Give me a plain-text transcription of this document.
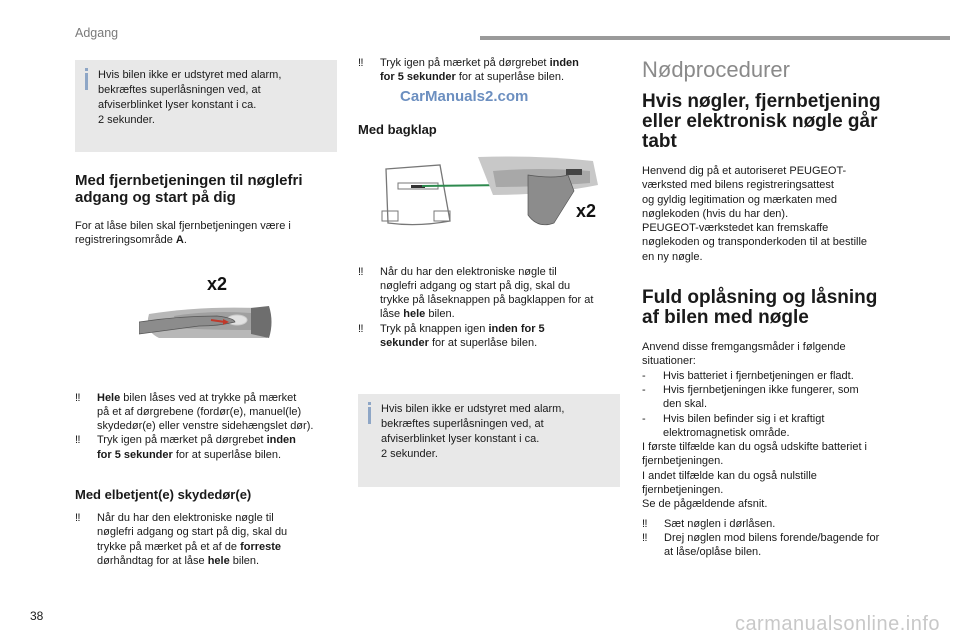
Adgang
Hvis bilen ikke er udstyret med alarm,
bekræftes superlåsningen ved, at
afviserblinket lyser konstant i ca.
2 sekunder.
Med fjernbetjeningen til nøglefri
adgang og start på dig
For at låse bilen skal fjernbetjeningen være i
registreringsområde A.
x2
‼ Hele bilen låses ved at trykke på mærket
på et af dørgrebene (fordør(e), manuel(le)
skydedør(e) eller venstre sidehængslet dør).
‼ Tryk igen på mærket på dørgrebet inden
for 5 sekunder for at superlåse bilen.
Med elbetjent(e) skydedør(e)
‼ Når du har den elektroniske nøgle til
nøglefri adgang og start på dig, skal du
trykke på mærket på et af de forreste
dørhåndtag for at låse hele bilen.
CarManuals2.com
‼ Tryk igen på mærket på dørgrebet inden
for 5 sekunder for at superlåse bilen.
Med bagklap
x2
‼ Når du har den elektroniske nøgle til
nøglefri adgang og start på dig, skal du
trykke på låseknappen på bagklappen for at
låse hele bilen.
‼ Tryk på knappen igen inden for 5
sekunder for at superlåse bilen.
Hvis bilen ikke er udstyret med alarm,
bekræftes superlåsningen ved, at
afviserblinket lyser konstant i ca.
2 sekunder.
Nødprocedurer
Hvis nøgler, fjernbetjening
eller elektronisk nøgle går
tabt
Henvend dig på et autoriseret PEUGEOT-
værksted med bilens registreringsattest
og gyldig legitimation og mærkaten med
nøglekoden (hvis du har den).
PEUGEOT-værkstedet kan fremskaffe
nøglekoden og transponderkoden til at bestille
en ny nøgle.
Fuld oplåsning og låsning
af bilen med nøgle
Anvend disse fremgangsmåder i følgende
situationer:
- Hvis batteriet i fjernbetjeningen er fladt.
- Hvis fjernbetjeningen ikke fungerer, som
den skal.
- Hvis bilen befinder sig i et kraftigt
elektromagnetisk område.
I første tilfælde kan du også udskifte batteriet i
fjernbetjeningen.
I andet tilfælde kan du også nulstille
fjernbetjeningen.
Se de pågældende afsnit.
‼ Sæt nøglen i dørlåsen.
‼ Drej nøglen mod bilens forende/bagende for
at låse/oplåse bilen.
38	carmanualsonline.info
